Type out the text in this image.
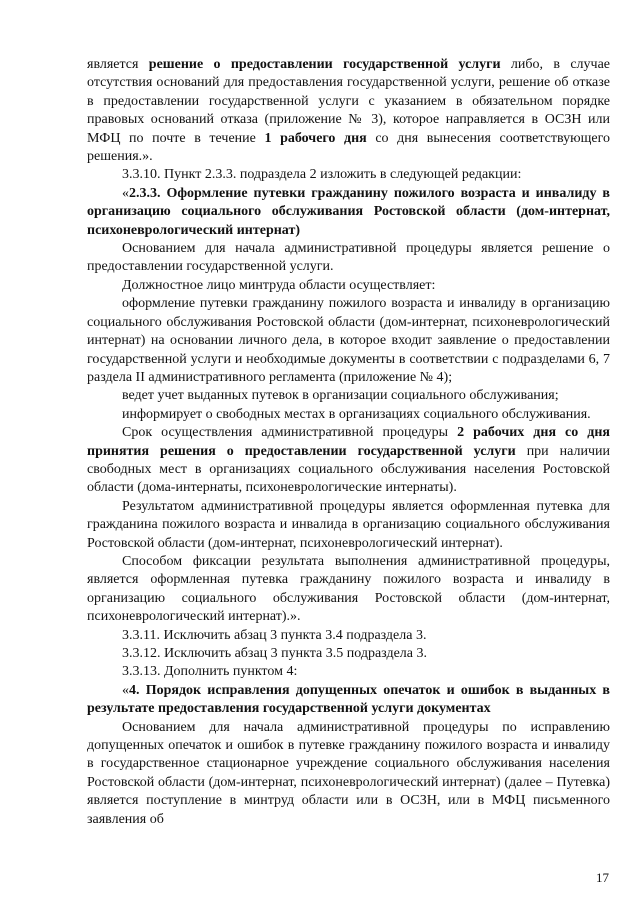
является решение о предоставлении государственной услуги либо, в случае отсутствия оснований для предоставления государственной услуги, решение об отказе в предоставлении государственной услуги с указанием в обязательном порядке правовых оснований отказа (приложение № 3), которое направляется в ОСЗН или МФЦ по почте в течение 1 рабочего дня со дня вынесения соответствующего решения.».

3.3.10. Пункт 2.3.3. подраздела 2 изложить в следующей редакции:

«2.3.3. Оформление путевки гражданину пожилого возраста и инвалиду в организацию социального обслуживания Ростовской области (дом-интернат, психоневрологический интернат)

Основанием для начала административной процедуры является решение о предоставлении государственной услуги.

Должностное лицо минтруда области осуществляет:

оформление путевки гражданину пожилого возраста и инвалиду в организацию социального обслуживания Ростовской области (дом-интернат, психоневрологический интернат) на основании личного дела, в которое входит заявление о предоставлении государственной услуги и необходимые документы в соответствии с подразделами 6, 7 раздела II административного регламента (приложение № 4);

ведет учет выданных путевок в организации социального обслуживания;

информирует о свободных местах в организациях социального обслуживания.

Срок осуществления административной процедуры 2 рабочих дня со дня принятия решения о предоставлении государственной услуги при наличии свободных мест в организациях социального обслуживания населения Ростовской области (дома-интернаты, психоневрологические интернаты).

Результатом административной процедуры является оформленная путевка для гражданина пожилого возраста и инвалида в организацию социального обслуживания Ростовской области (дом-интернат, психоневрологический интернат).

Способом фиксации результата выполнения административной процедуры, является оформленная путевка гражданину пожилого возраста и инвалиду в организацию социального обслуживания Ростовской области (дом-интернат, психоневрологический интернат).».

3.3.11. Исключить абзац 3 пункта 3.4 подраздела 3.

3.3.12. Исключить абзац 3 пункта 3.5 подраздела 3.

3.3.13. Дополнить пунктом 4:

«4. Порядок исправления допущенных опечаток и ошибок в выданных в результате предоставления государственной услуги документах

Основанием для начала административной процедуры по исправлению допущенных опечаток и ошибок в путевке гражданину пожилого возраста и инвалиду в государственное стационарное учреждение социального обслуживания населения Ростовской области (дом-интернат, психоневрологический интернат) (далее – Путевка) является поступление в минтруд области или в ОСЗН, или в МФЦ письменного заявления об

17
